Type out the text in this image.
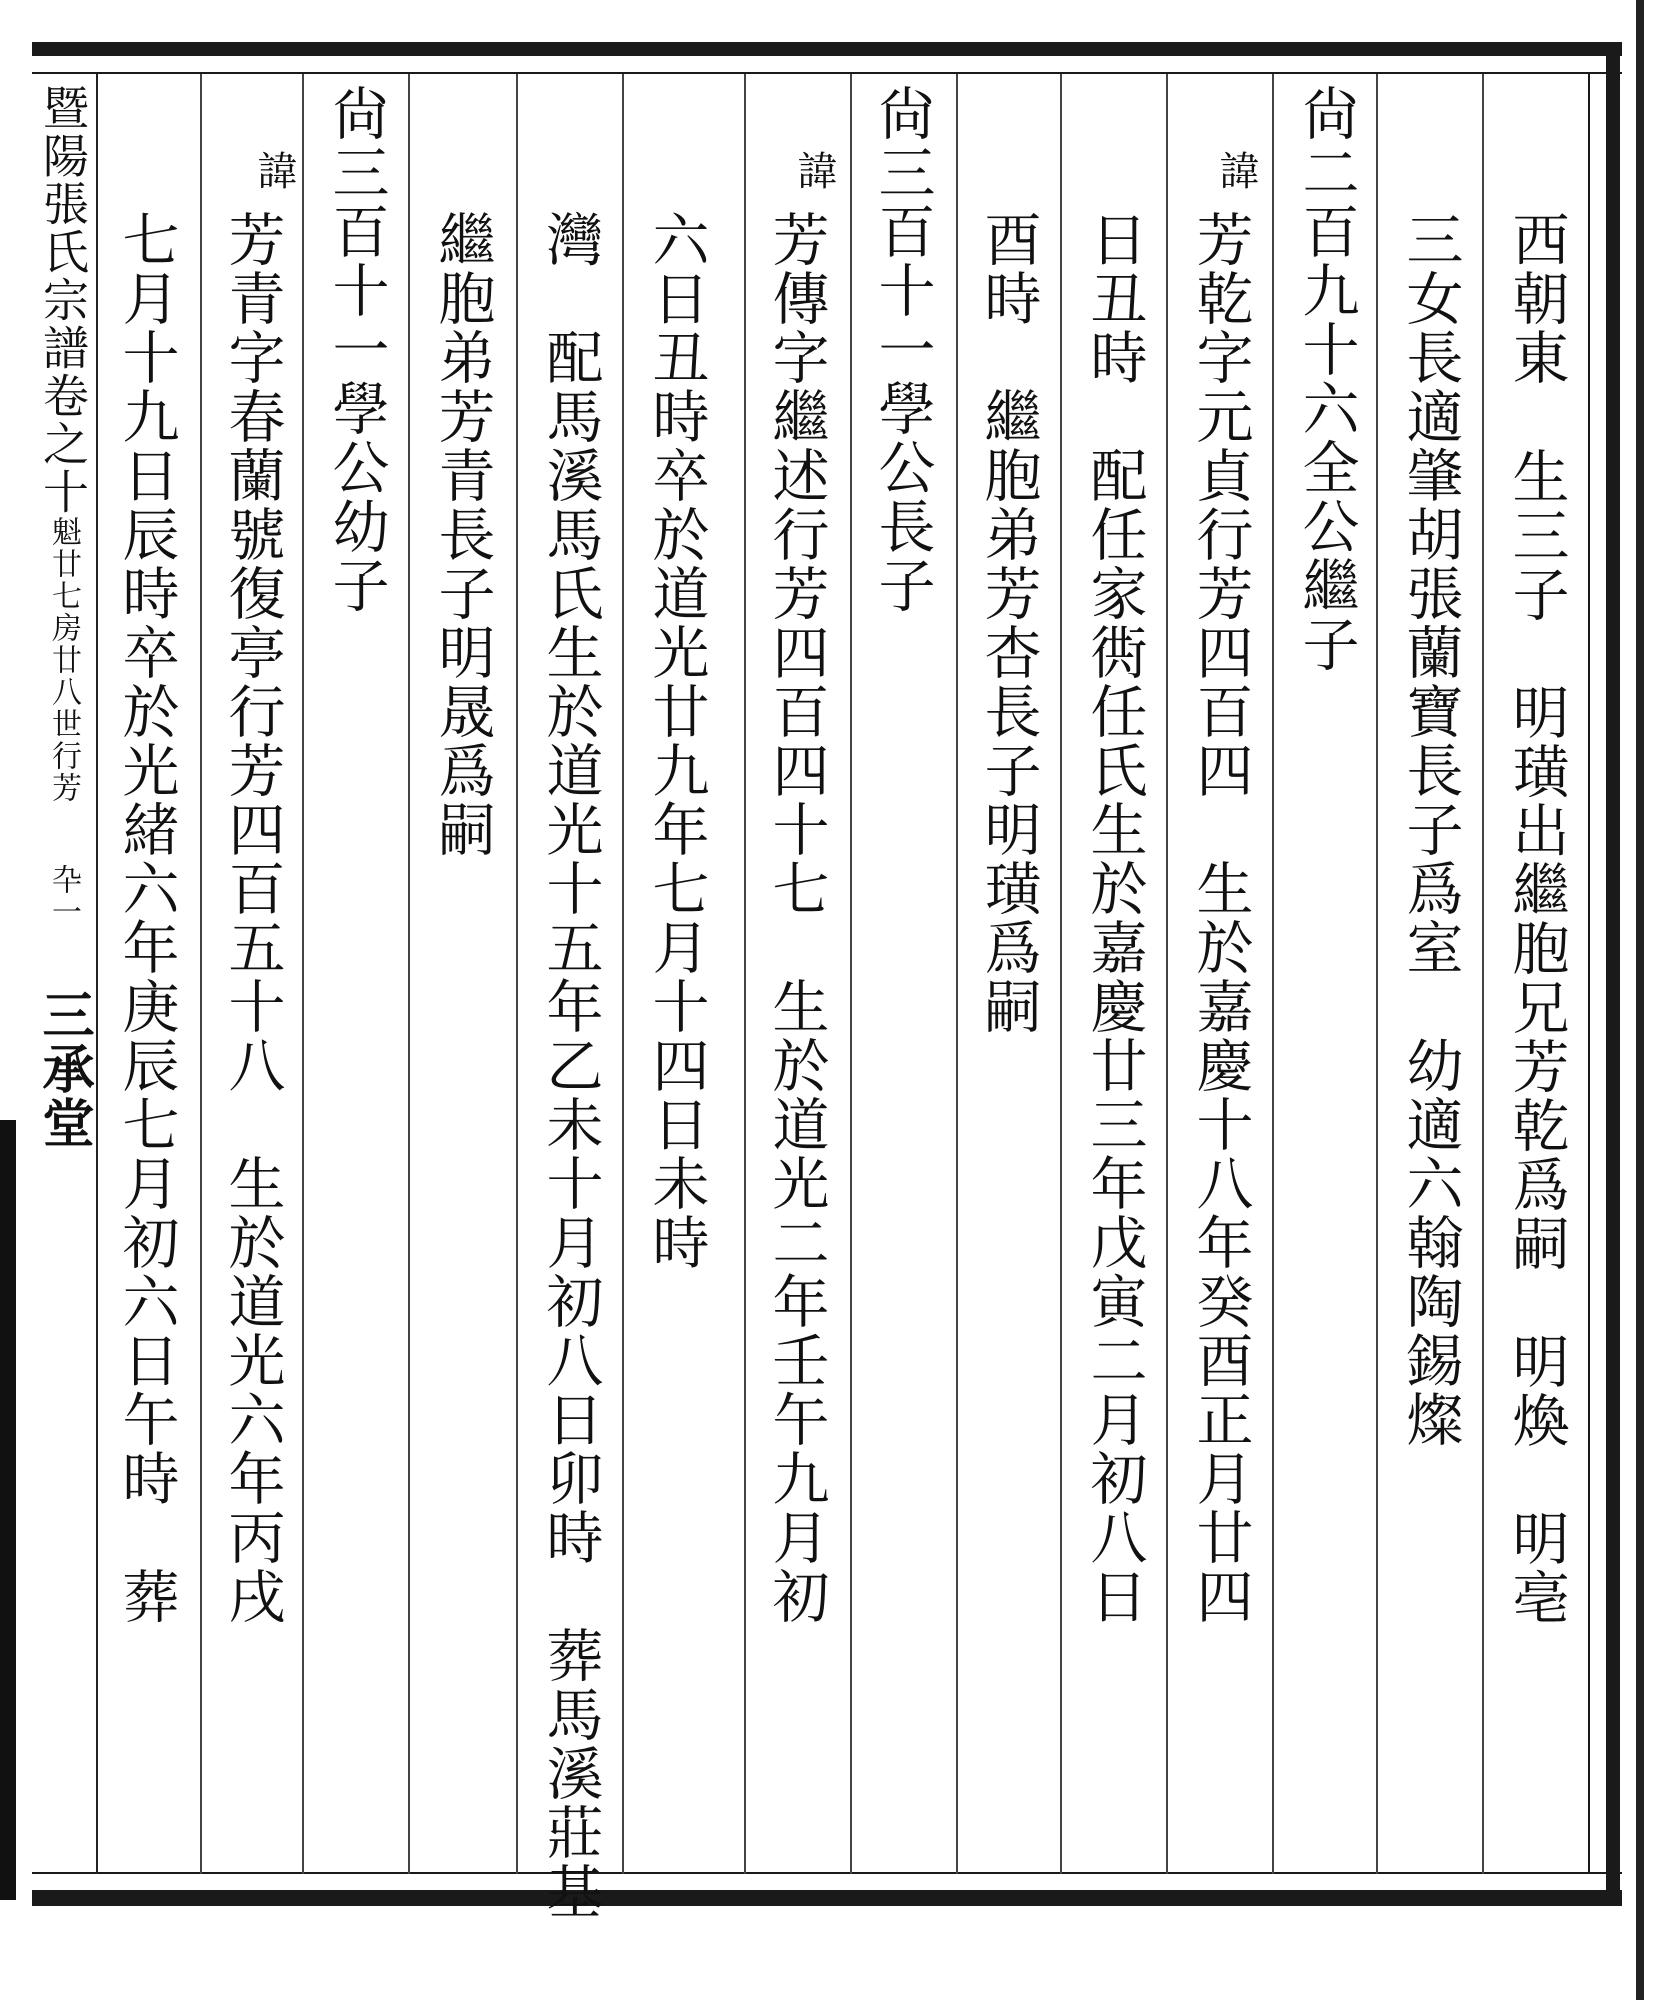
西朝東生三子　明璜出繼胞兄芳乾爲嗣　明煥　明亳
三女長適肇胡張蘭寶長子爲室　幼適六翰陶錫燦
尙二百九十六全公繼子
諱
芳乾字元貞行芳四百四　生於嘉慶十八年癸酉正月廿四
日丑時　配任家衖任氏生於嘉慶廿三年戊寅二月初八日
酉時　繼胞弟芳杏長子明璜爲嗣
尙三百十一學公長子
諱
芳傳字繼述行芳四百四十七　生於道光二年壬午九月初
六日丑時卒於道光廿九年七月十四日未時
灣　配馬溪馬氏生於道光十五年乙未十月初八日卯時　葬馬溪莊基
繼胞弟芳青長子明晟爲嗣
尙三百十一學公幼子
諱
芳青字春蘭號復亭行芳四百五十八　生於道光六年丙戌
七月十九日辰時卒於光緒六年庚辰七月初六日午時　葬
暨陽張氏宗譜卷之十魁廿七房廿八世行芳卆一三承堂
